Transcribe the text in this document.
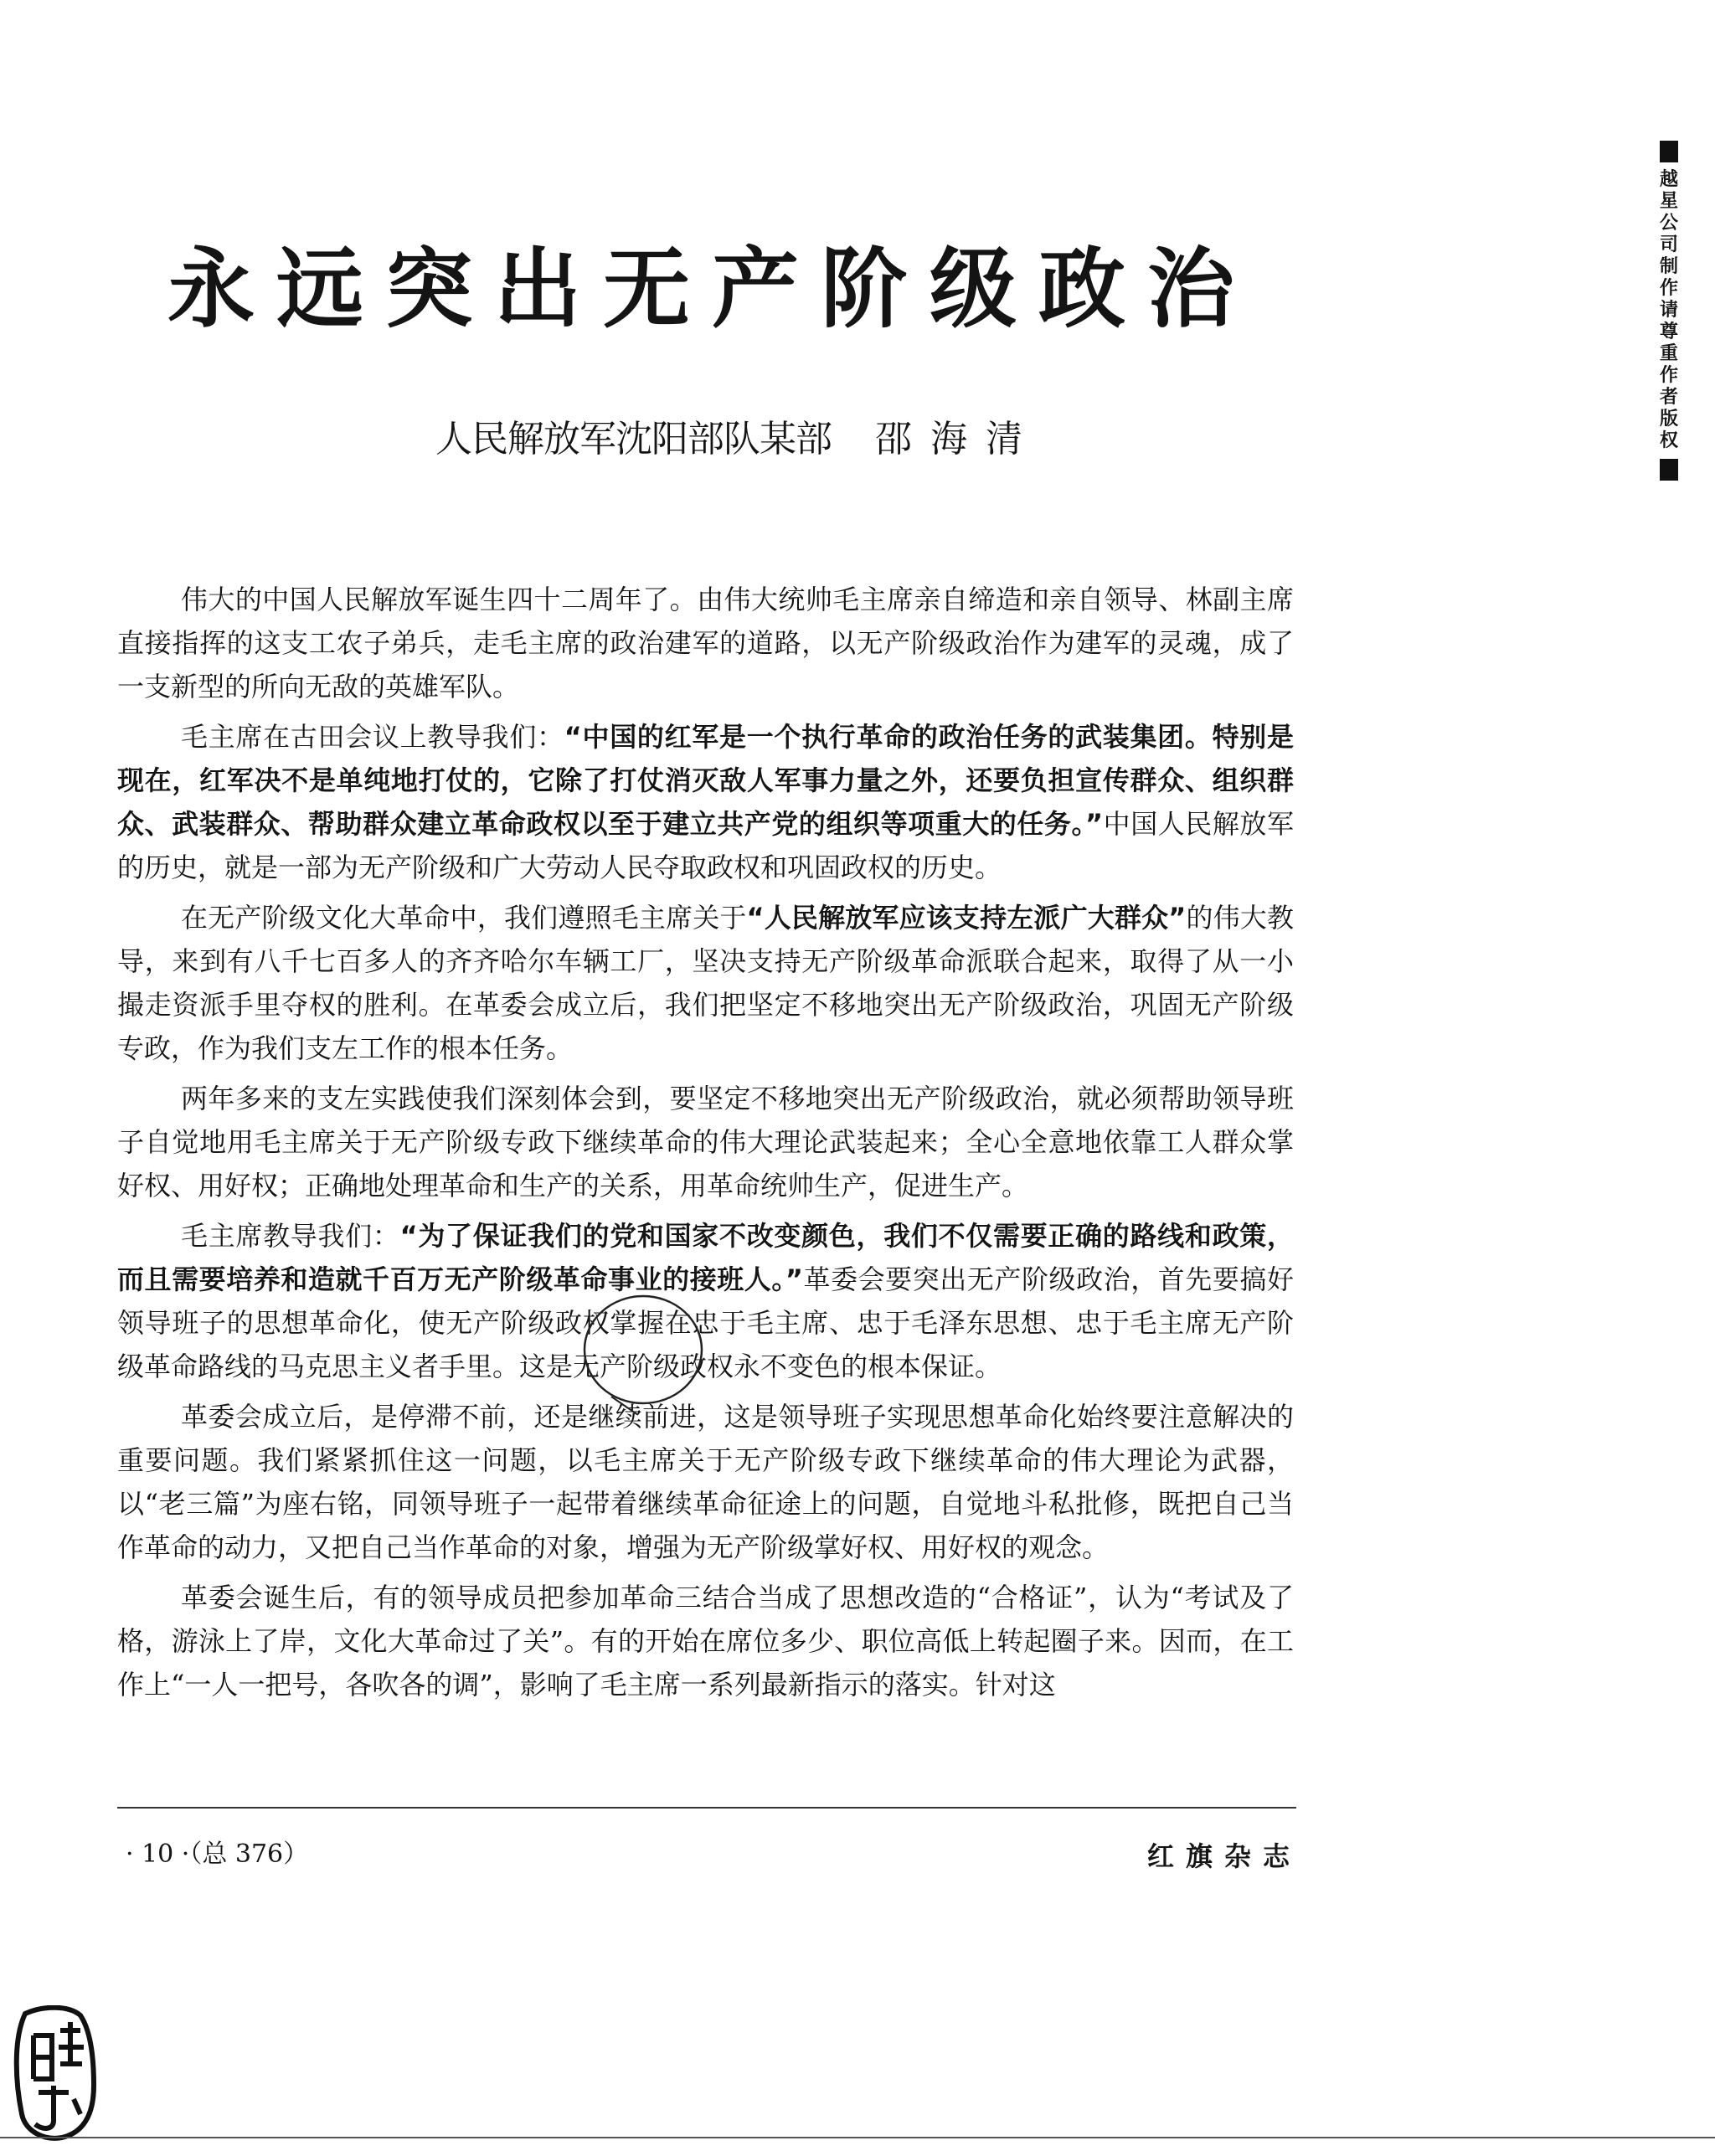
永远突出无产阶级政治
人民解放军沈阳部队某部 邵海清

伟大的中国人民解放军诞生四十二周年了。由伟大统帅毛主席亲自缔造和亲自领导、林副主席直接指挥的这支工农子弟兵，走毛主席的政治建军的道路，以无产阶级政治作为建军的灵魂，成了一支新型的所向无敌的英雄军队。

毛主席在古田会议上教导我们：“中国的红军是一个执行革命的政治任务的武装集团。特别是现在，红军决不是单纯地打仗的，它除了打仗消灭敌人军事力量之外，还要负担宣传群众、组织群众、武装群众、帮助群众建立革命政权以至于建立共产党的组织等项重大的任务。”中国人民解放军的历史，就是一部为无产阶级和广大劳动人民夺取政权和巩固政权的历史。

在无产阶级文化大革命中，我们遵照毛主席关于“人民解放军应该支持左派广大群众”的伟大教导，来到有八千七百多人的齐齐哈尔车辆工厂，坚决支持无产阶级革命派联合起来，取得了从一小撮走资派手里夺权的胜利。在革委会成立后，我们把坚定不移地突出无产阶级政治，巩固无产阶级专政，作为我们支左工作的根本任务。

两年多来的支左实践使我们深刻体会到，要坚定不移地突出无产阶级政治，就必须帮助领导班子自觉地用毛主席关于无产阶级专政下继续革命的伟大理论武装起来；全心全意地依靠工人群众掌好权、用好权；正确地处理革命和生产的关系，用革命统帅生产，促进生产。

毛主席教导我们：“为了保证我们的党和国家不改变颜色，我们不仅需要正确的路线和政策，而且需要培养和造就千百万无产阶级革命事业的接班人。”革委会要突出无产阶级政治，首先要搞好领导班子的思想革命化，使无产阶级政权掌握在忠于毛主席、忠于毛泽东思想、忠于毛主席无产阶级革命路线的马克思主义者手里。这是无产阶级政权永不变色的根本保证。

革委会成立后，是停滞不前，还是继续前进，这是领导班子实现思想革命化始终要注意解决的重要问题。我们紧紧抓住这一问题，以毛主席关于无产阶级专政下继续革命的伟大理论为武器，以“老三篇”为座右铭，同领导班子一起带着继续革命征途上的问题，自觉地斗私批修，既把自己当作革命的动力，又把自己当作革命的对象，增强为无产阶级掌好权、用好权的观念。

革委会诞生后，有的领导成员把参加革命三结合当成了思想改造的“合格证”，认为“考试及了格，游泳上了岸，文化大革命过了关”。有的开始在席位多少、职位高低上转起圈子来。因而，在工作上“一人一把号，各吹各的调”，影响了毛主席一系列最新指示的落实。针对这

· 10 ·（总 376）	红旗杂志
越
星
公
司
制
作
请
尊
重
作
者
版
权
